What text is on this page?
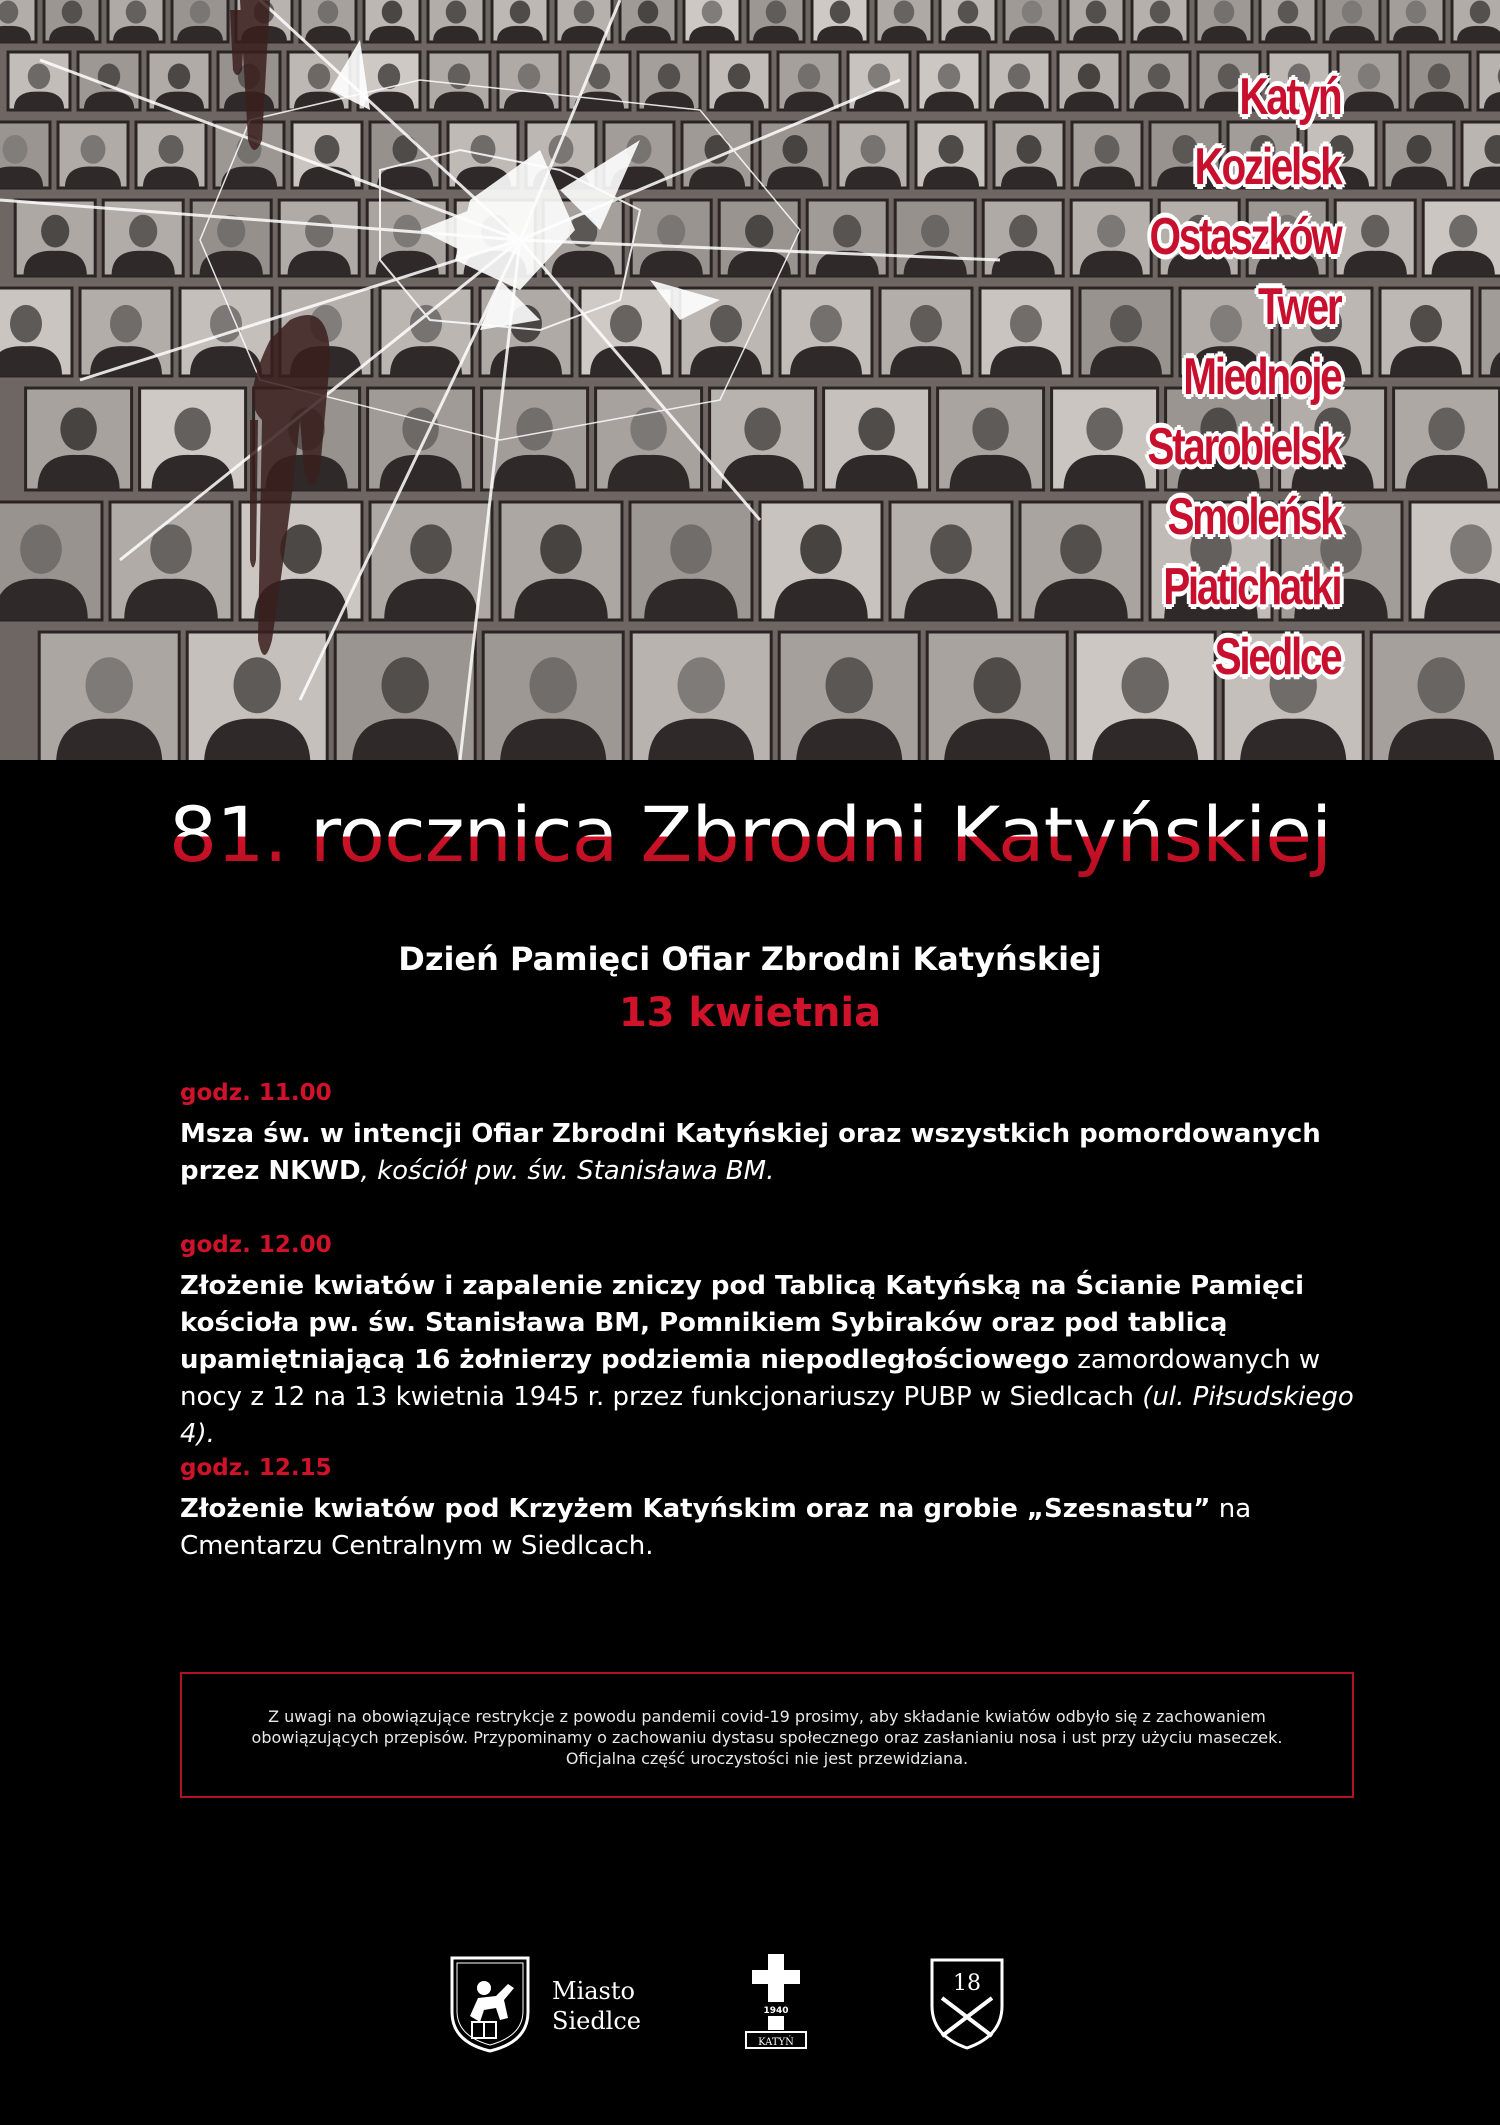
Katyń
Kozielsk
Ostaszków
Twer
Miednoje
Starobielsk
Smoleńsk
Piatichatki
Siedlce
81. rocznica Zbrodni Katyńskiej
Dzień Pamięci Ofiar Zbrodni Katyńskiej
13 kwietnia
godz. 11.00
Msza św. w intencji Ofiar Zbrodni Katyńskiej oraz wszystkich pomordowanych przez NKWD, kościół pw. św. Stanisława BM.
godz. 12.00
Złożenie kwiatów i zapalenie zniczy pod Tablicą Katyńską na Ścianie Pamięci kościoła pw. św. Stanisława BM, Pomnikiem Sybiraków oraz pod tablicą upamiętniającą 16 żołnierzy podziemia niepodległościowego zamordowanych w nocy z 12 na 13 kwietnia 1945 r. przez funkcjonariuszy PUBP w Siedlcach (ul. Piłsudskiego 4).
godz. 12.15
Złożenie kwiatów pod Krzyżem Katyńskim oraz na grobie „Szesnastu” na Cmentarzu Centralnym w Siedlcach.
Z uwagi na obowiązujące restrykcje z powodu pandemii covid-19 prosimy, aby składanie kwiatów odbyło się z zachowaniem
obowiązujących przepisów. Przypominamy o zachowaniu dystasu społecznego oraz zasłanianiu nosa i ust przy użyciu maseczek.
Oficjalna część uroczystości nie jest przewidziana.
Miasto
Siedlce	1940
KATYŃ
18
